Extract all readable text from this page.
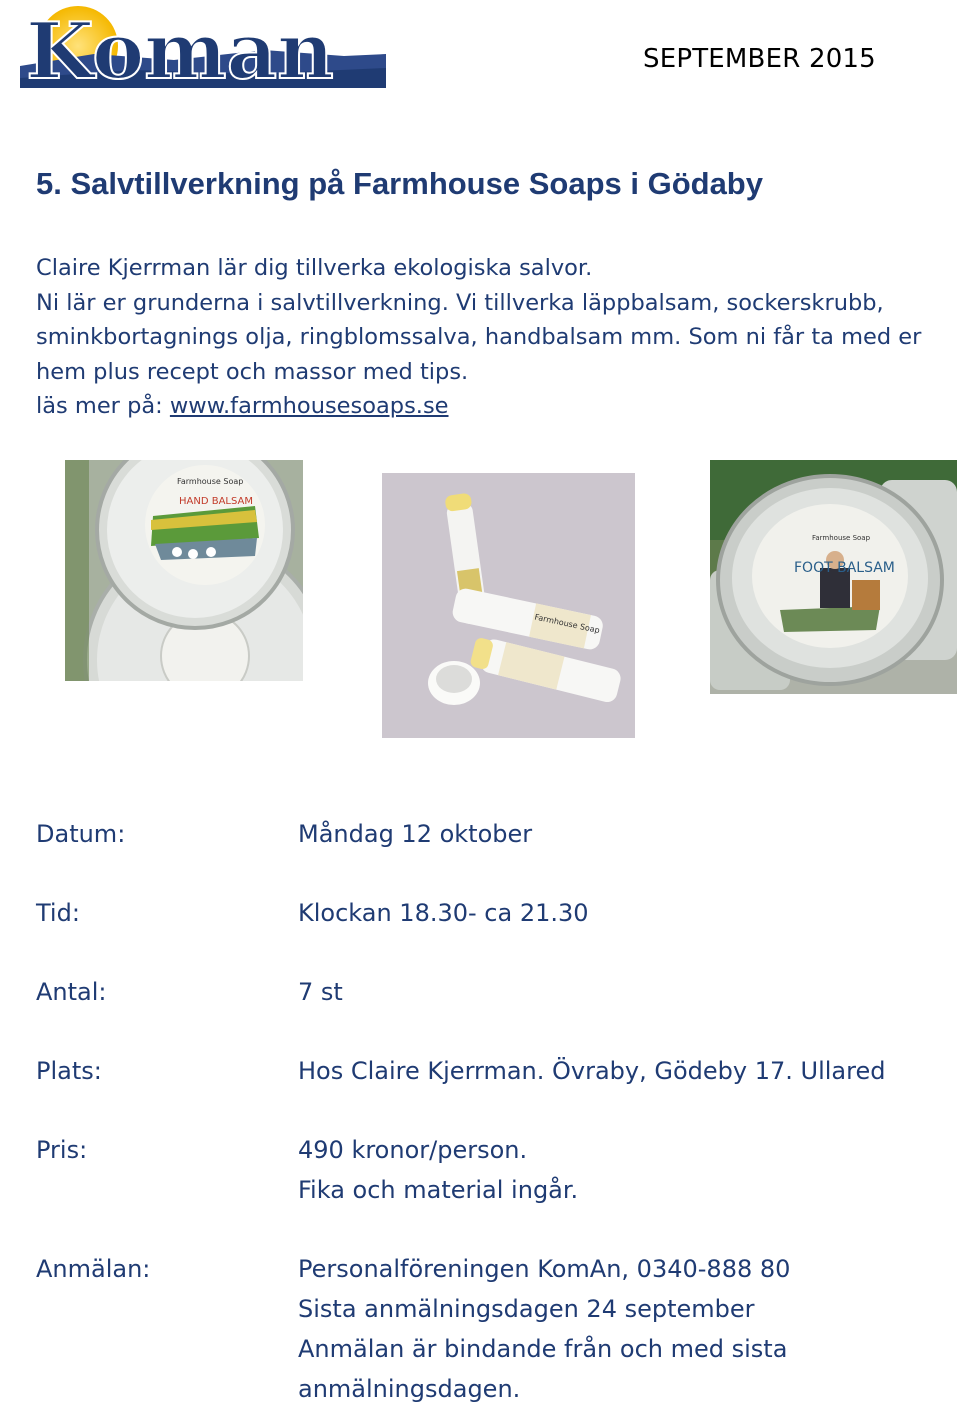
Koman	SEPTEMBER 2015
5. Salvtillverkning på Farmhouse Soaps i Gödaby

Claire Kjerrman lär dig tillverka ekologiska salvor.

Ni lär er grunderna i salvtillverkning. Vi tillverka läppbalsam, sockerskrubb, sminkbortagnings olja, ringblomssalva, handbalsam mm. Som ni får ta med er hem plus recept och massor med tips.

läs mer på: www.farmhousesoaps.se

Farmhouse Soap
HAND BALSAM
Farmhouse Soap
FOOT BALSAM
Farmhouse Soap
Datum:	Måndag 12 oktober
Tid:	Klockan 18.30- ca 21.30
Antal:	7 st
Plats:	Hos Claire Kjerrman. Övraby, Gödeby 17. Ullared
Pris:	490 kronor/person.
Fika och material ingår.
Anmälan:	Personalföreningen KomAn, 0340-888 80
Sista anmälningsdagen 24 september
Anmälan är bindande från och med sista
anmälningsdagen.
